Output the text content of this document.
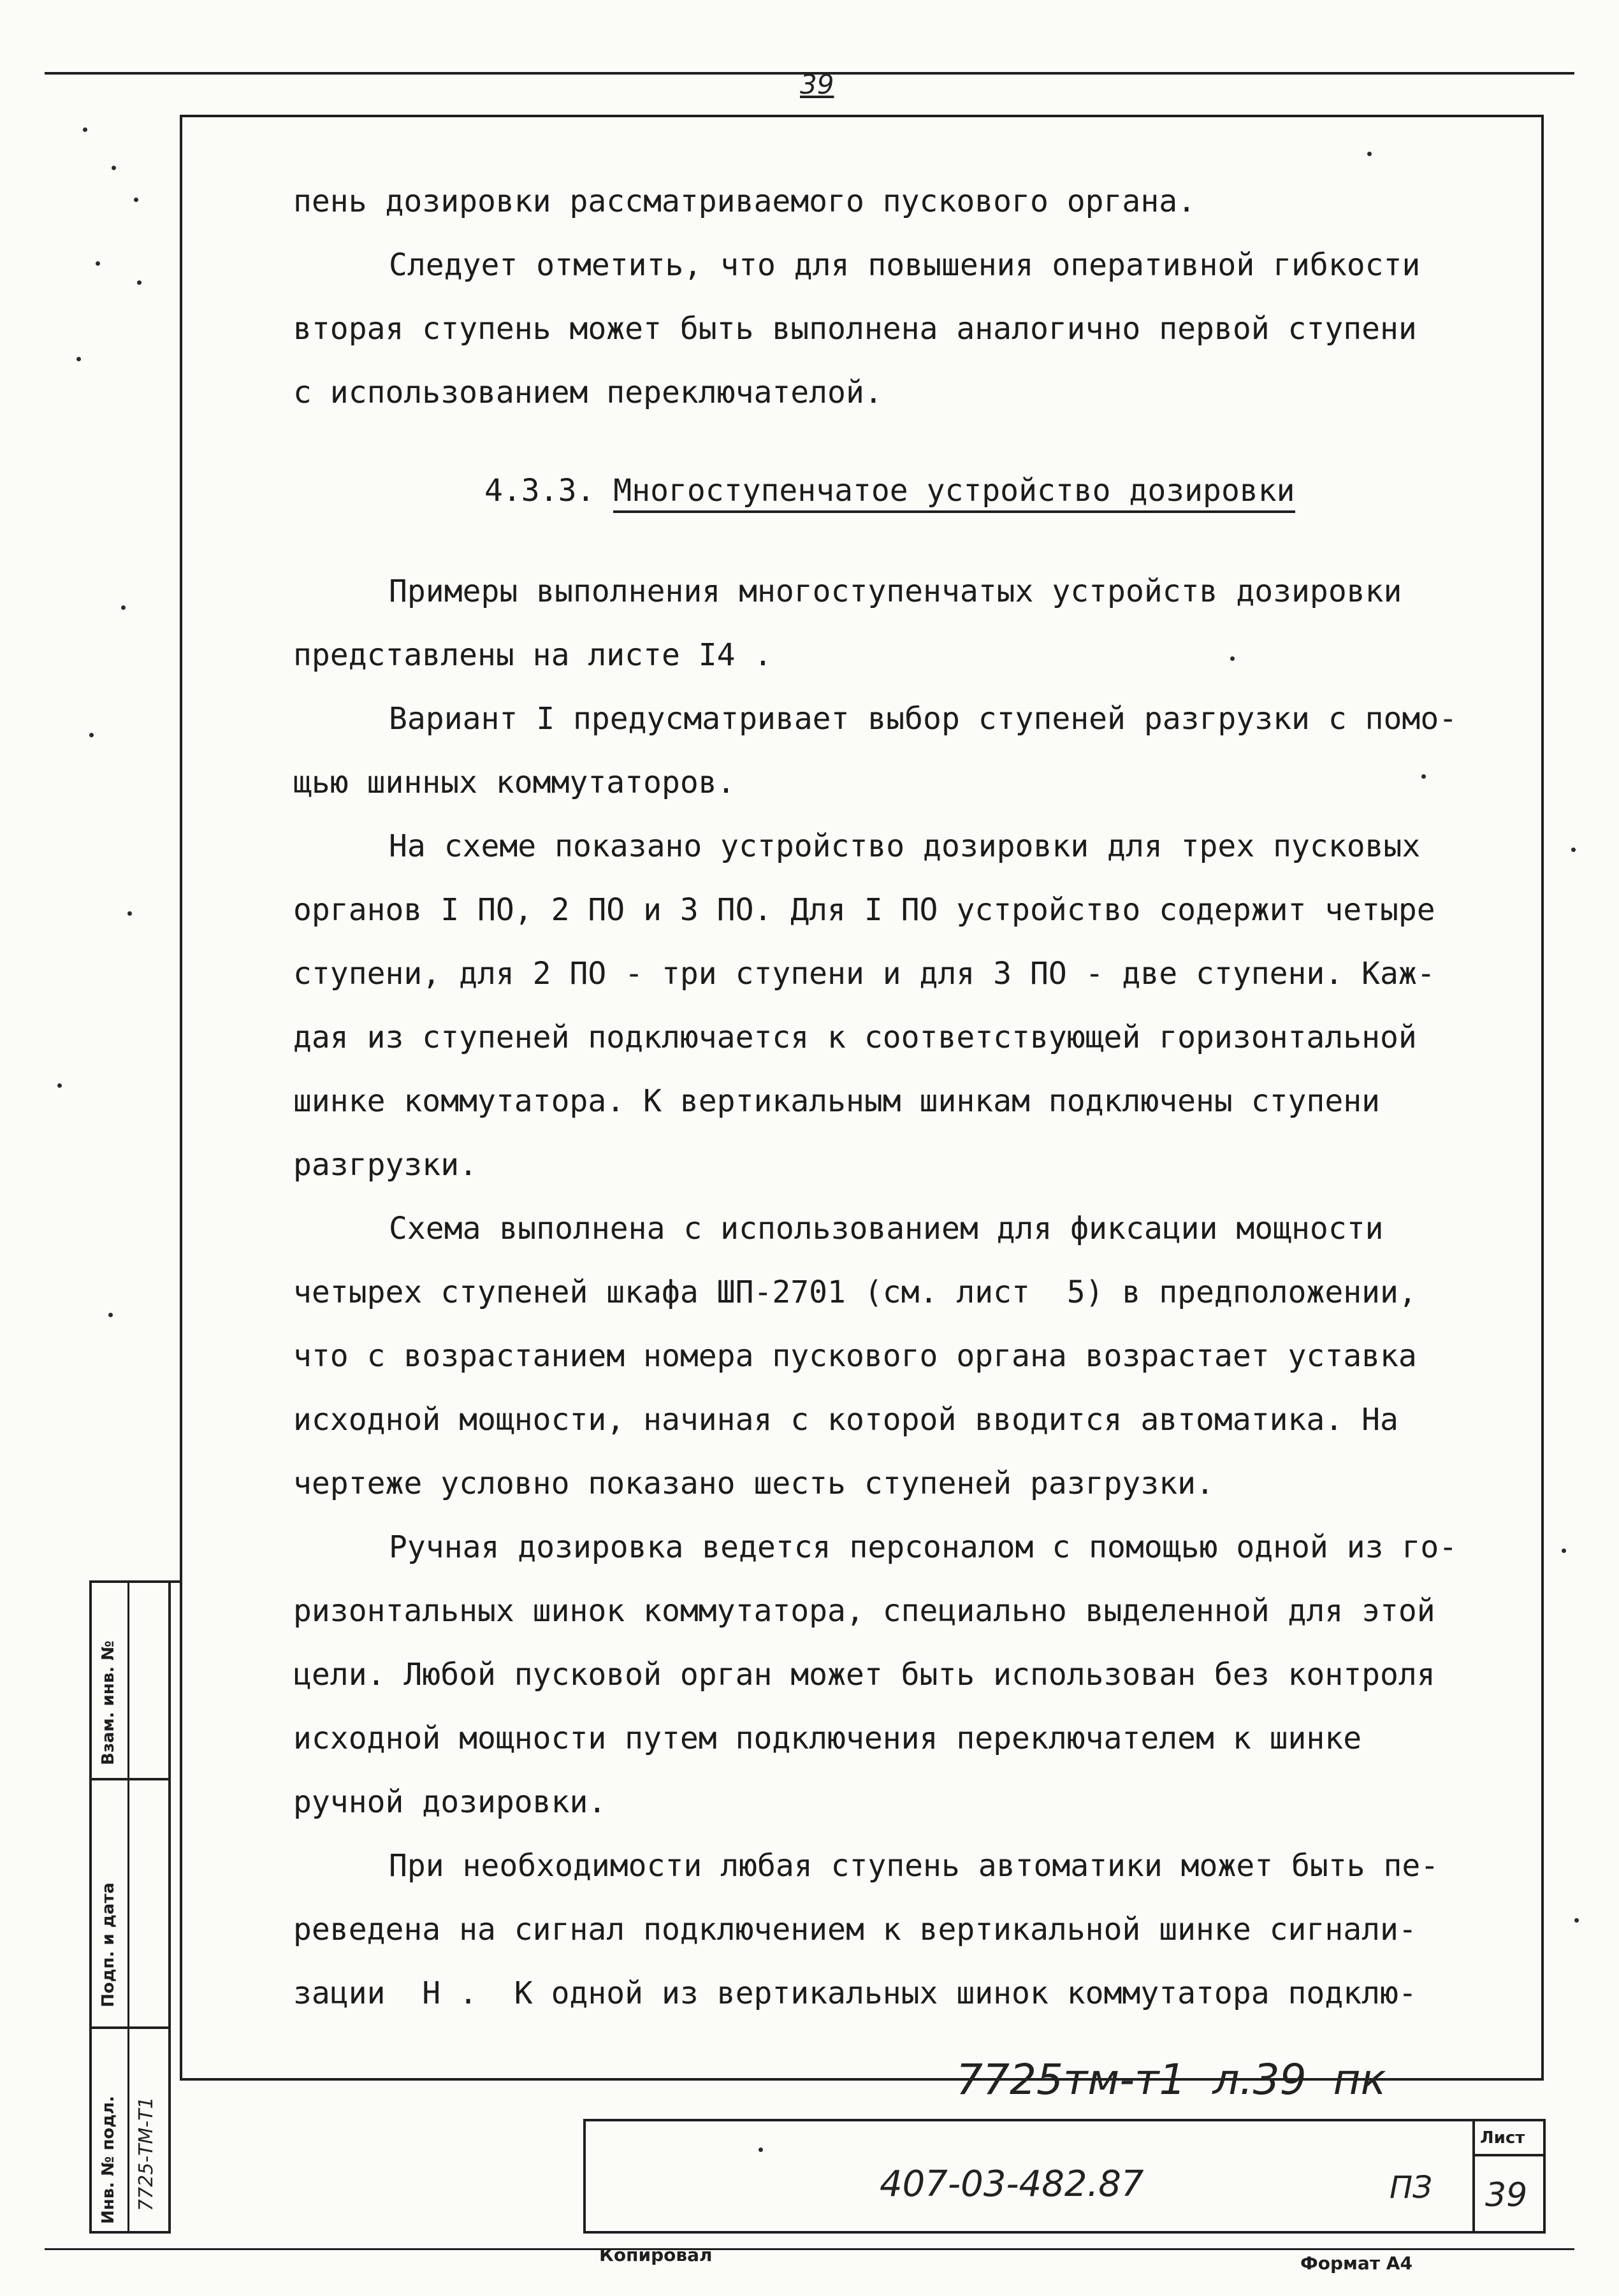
39
пень дозировки рассматриваемого пускового органа.
Следует отметить, что для повышения оперативной гибкости
вторая ступень может быть выполнена аналогично первой ступени
с использованием переключателой.
4.3.3. Многоступенчатое устройство дозировки
Примеры выполнения многоступенчатых устройств дозировки
представлены на листе I4 .
Вариант I предусматривает выбор ступеней разгрузки с помо-
щью шинных коммутаторов.
На схеме показано устройство дозировки для трех пусковых
органов I ПО, 2 ПО и 3 ПО. Для I ПО устройство содержит четыре
ступени, для 2 ПО - три ступени и для 3 ПО - две ступени. Каж-
дая из ступеней подключается к соответствующей горизонтальной
шинке коммутатора. К вертикальным шинкам подключены ступени
разгрузки.
Схема выполнена с использованием для фиксации мощности
четырех ступеней шкафа ШП-2701 (см. лист  5) в предположении,
что с возрастанием номера пускового органа возрастает уставка
исходной мощности, начиная с которой вводится автоматика. На
чертеже условно показано шесть ступеней разгрузки.
Ручная дозировка ведется персоналом с помощью одной из го-
ризонтальных шинок коммутатора, специально выделенной для этой
цели. Любой пусковой орган может быть использован без контроля
исходной мощности путем подключения переключателем к шинке
ручной дозировки.
При необходимости любая ступень автоматики может быть пе-
реведена на сигнал подключением к вертикальной шинке сигнали-
зации  Н .  К одной из вертикальных шинок коммутатора подклю-
Взам. инв. №
Подп. и дата
Инв. № подл. 7725-ТМ-Т1
7725тм-т1  л.39  пк
407-03-482.87	ПЗ
Лист
39
Копировал	Формат А4
